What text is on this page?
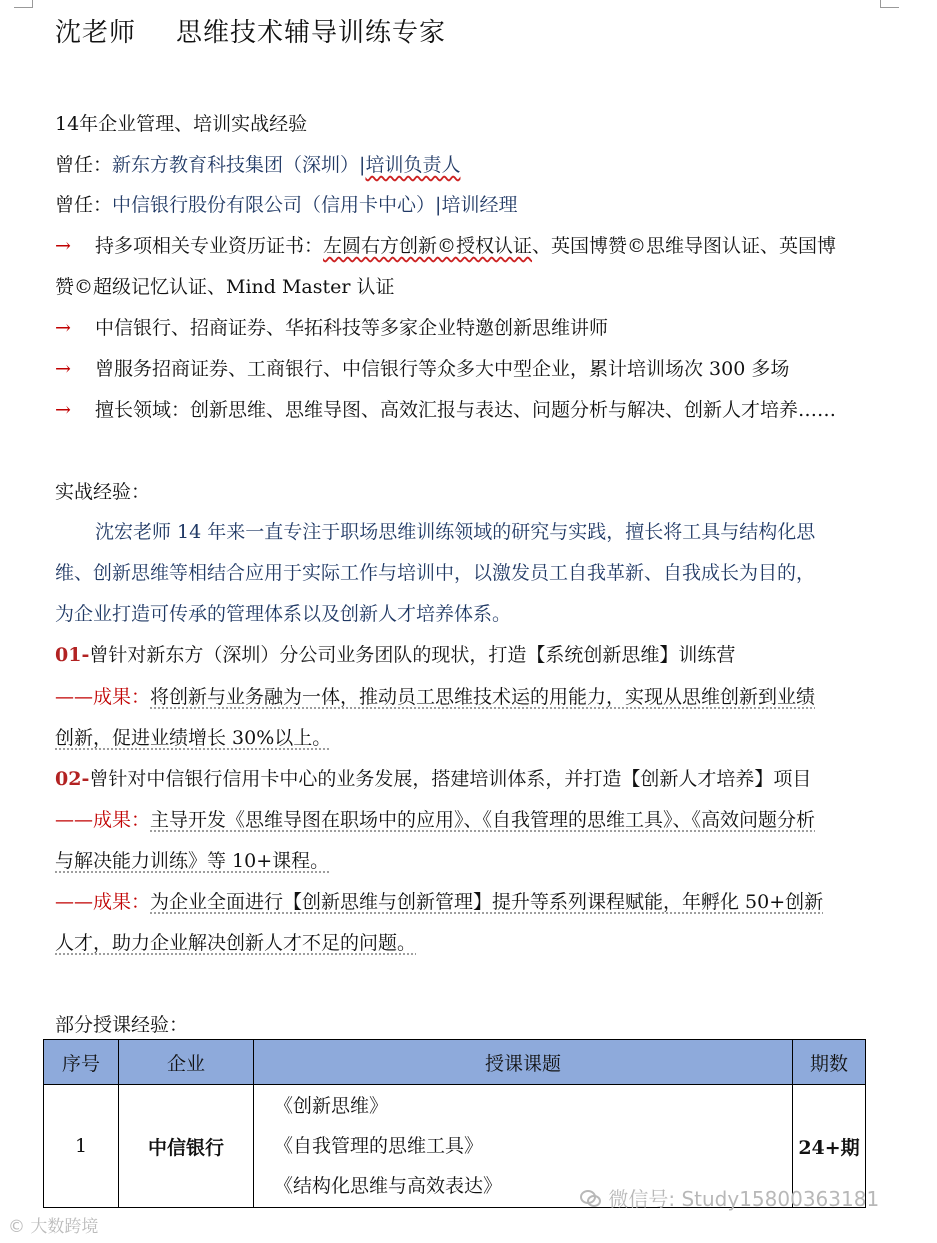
沈老师 思维技术辅导训练专家
14年企业管理、培训实战经验
曾任：新东方教育科技集团（深圳）|培训负责人
曾任：中信银行股份有限公司（信用卡中心）|培训经理
→ 持多项相关专业资历证书：左圆右方创新©授权认证、英国博赞©思维导图认证、英国博
赞©超级记忆认证、Mind Master 认证
→ 中信银行、招商证券、华拓科技等多家企业特邀创新思维讲师
→ 曾服务招商证券、工商银行、中信银行等众多大中型企业，累计培训场次 300 多场
→ 擅长领域：创新思维、思维导图、高效汇报与表达、问题分析与解决、创新人才培养……
实战经验：
沈宏老师 14 年来一直专注于职场思维训练领域的研究与实践，擅长将工具与结构化思
维、创新思维等相结合应用于实际工作与培训中，以激发员工自我革新、自我成长为目的，
为企业打造可传承的管理体系以及创新人才培养体系。
01-曾针对新东方（深圳）分公司业务团队的现状，打造【系统创新思维】训练营
——成果：将创新与业务融为一体，推动员工思维技术运的用能力，实现从思维创新到业绩
创新，促进业绩增长 30%以上。
02-曾针对中信银行信用卡中心的业务发展，搭建培训体系，并打造【创新人才培养】项目
——成果：主导开发《思维导图在职场中的应用》、《自我管理的思维工具》、《高效问题分析
与解决能力训练》等 10+课程。
——成果：为企业全面进行【创新思维与创新管理】提升等系列课程赋能，年孵化 50+创新
人才，助力企业解决创新人才不足的问题。
部分授课经验：
序号	企业	授课课题	期数
1	中信银行	《创新思维》
《自我管理的思维工具》
《结构化思维与高效表达》	24+期
微信号: Study15800363181
© 大数跨境
